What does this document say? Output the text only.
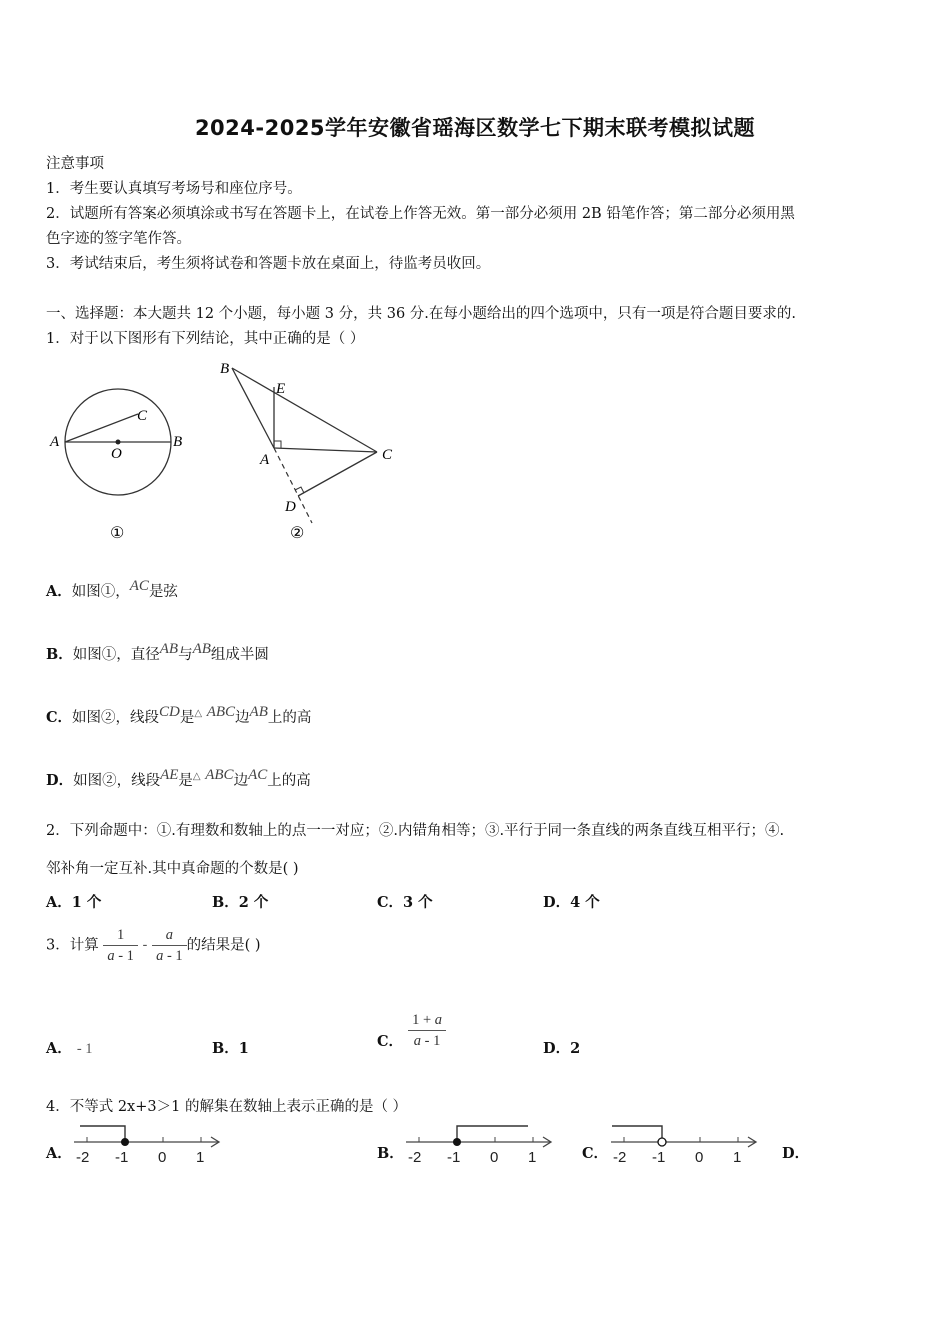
2024-2025学年安徽省瑶海区数学七下期末联考模拟试题
注意事项
1．考生要认真填写考场号和座位序号。
2．试题所有答案必须填涂或书写在答题卡上，在试卷上作答无效。第一部分必须用 2B 铅笔作答；第二部分必须用黑
色字迹的签字笔作答。
3．考试结束后，考生须将试卷和答题卡放在桌面上，待监考员收回。
一、选择题：本大题共 12 个小题，每小题 3 分，共 36 分.在每小题给出的四个选项中，只有一项是符合题目要求的.
1．对于以下图形有下列结论，其中正确的是（ ）
A	B
C
O
①
B
E
A	C
D
②
A．如图①，AC是弦
B．如图①，直径AB与AB组成半圆
C．如图②，线段CD是△ ABC边AB上的高
D．如图②，线段AE是△ ABC边AC上的高
2．下列命题中：①.有理数和数轴上的点一一对应；②.内错角相等；③.平行于同一条直线的两条直线互相平行；④.
邻补角一定互补.其中真命题的个数是( )
A．1 个	B．2 个	C．3 个	D．4 个
3．计算 $\frac{1}{a - 1} - \frac{a}{a - 1}$ 的结果是( )
A． - 1	B．1	C． $\frac{1 + a}{a - 1}$	D．2
4．不等式 2x+3＞1 的解集在数轴上表示正确的是（ ）
A． -2 -1 0 1	B． -2 -1 0 1	C． -2 -1 0 1	D．
